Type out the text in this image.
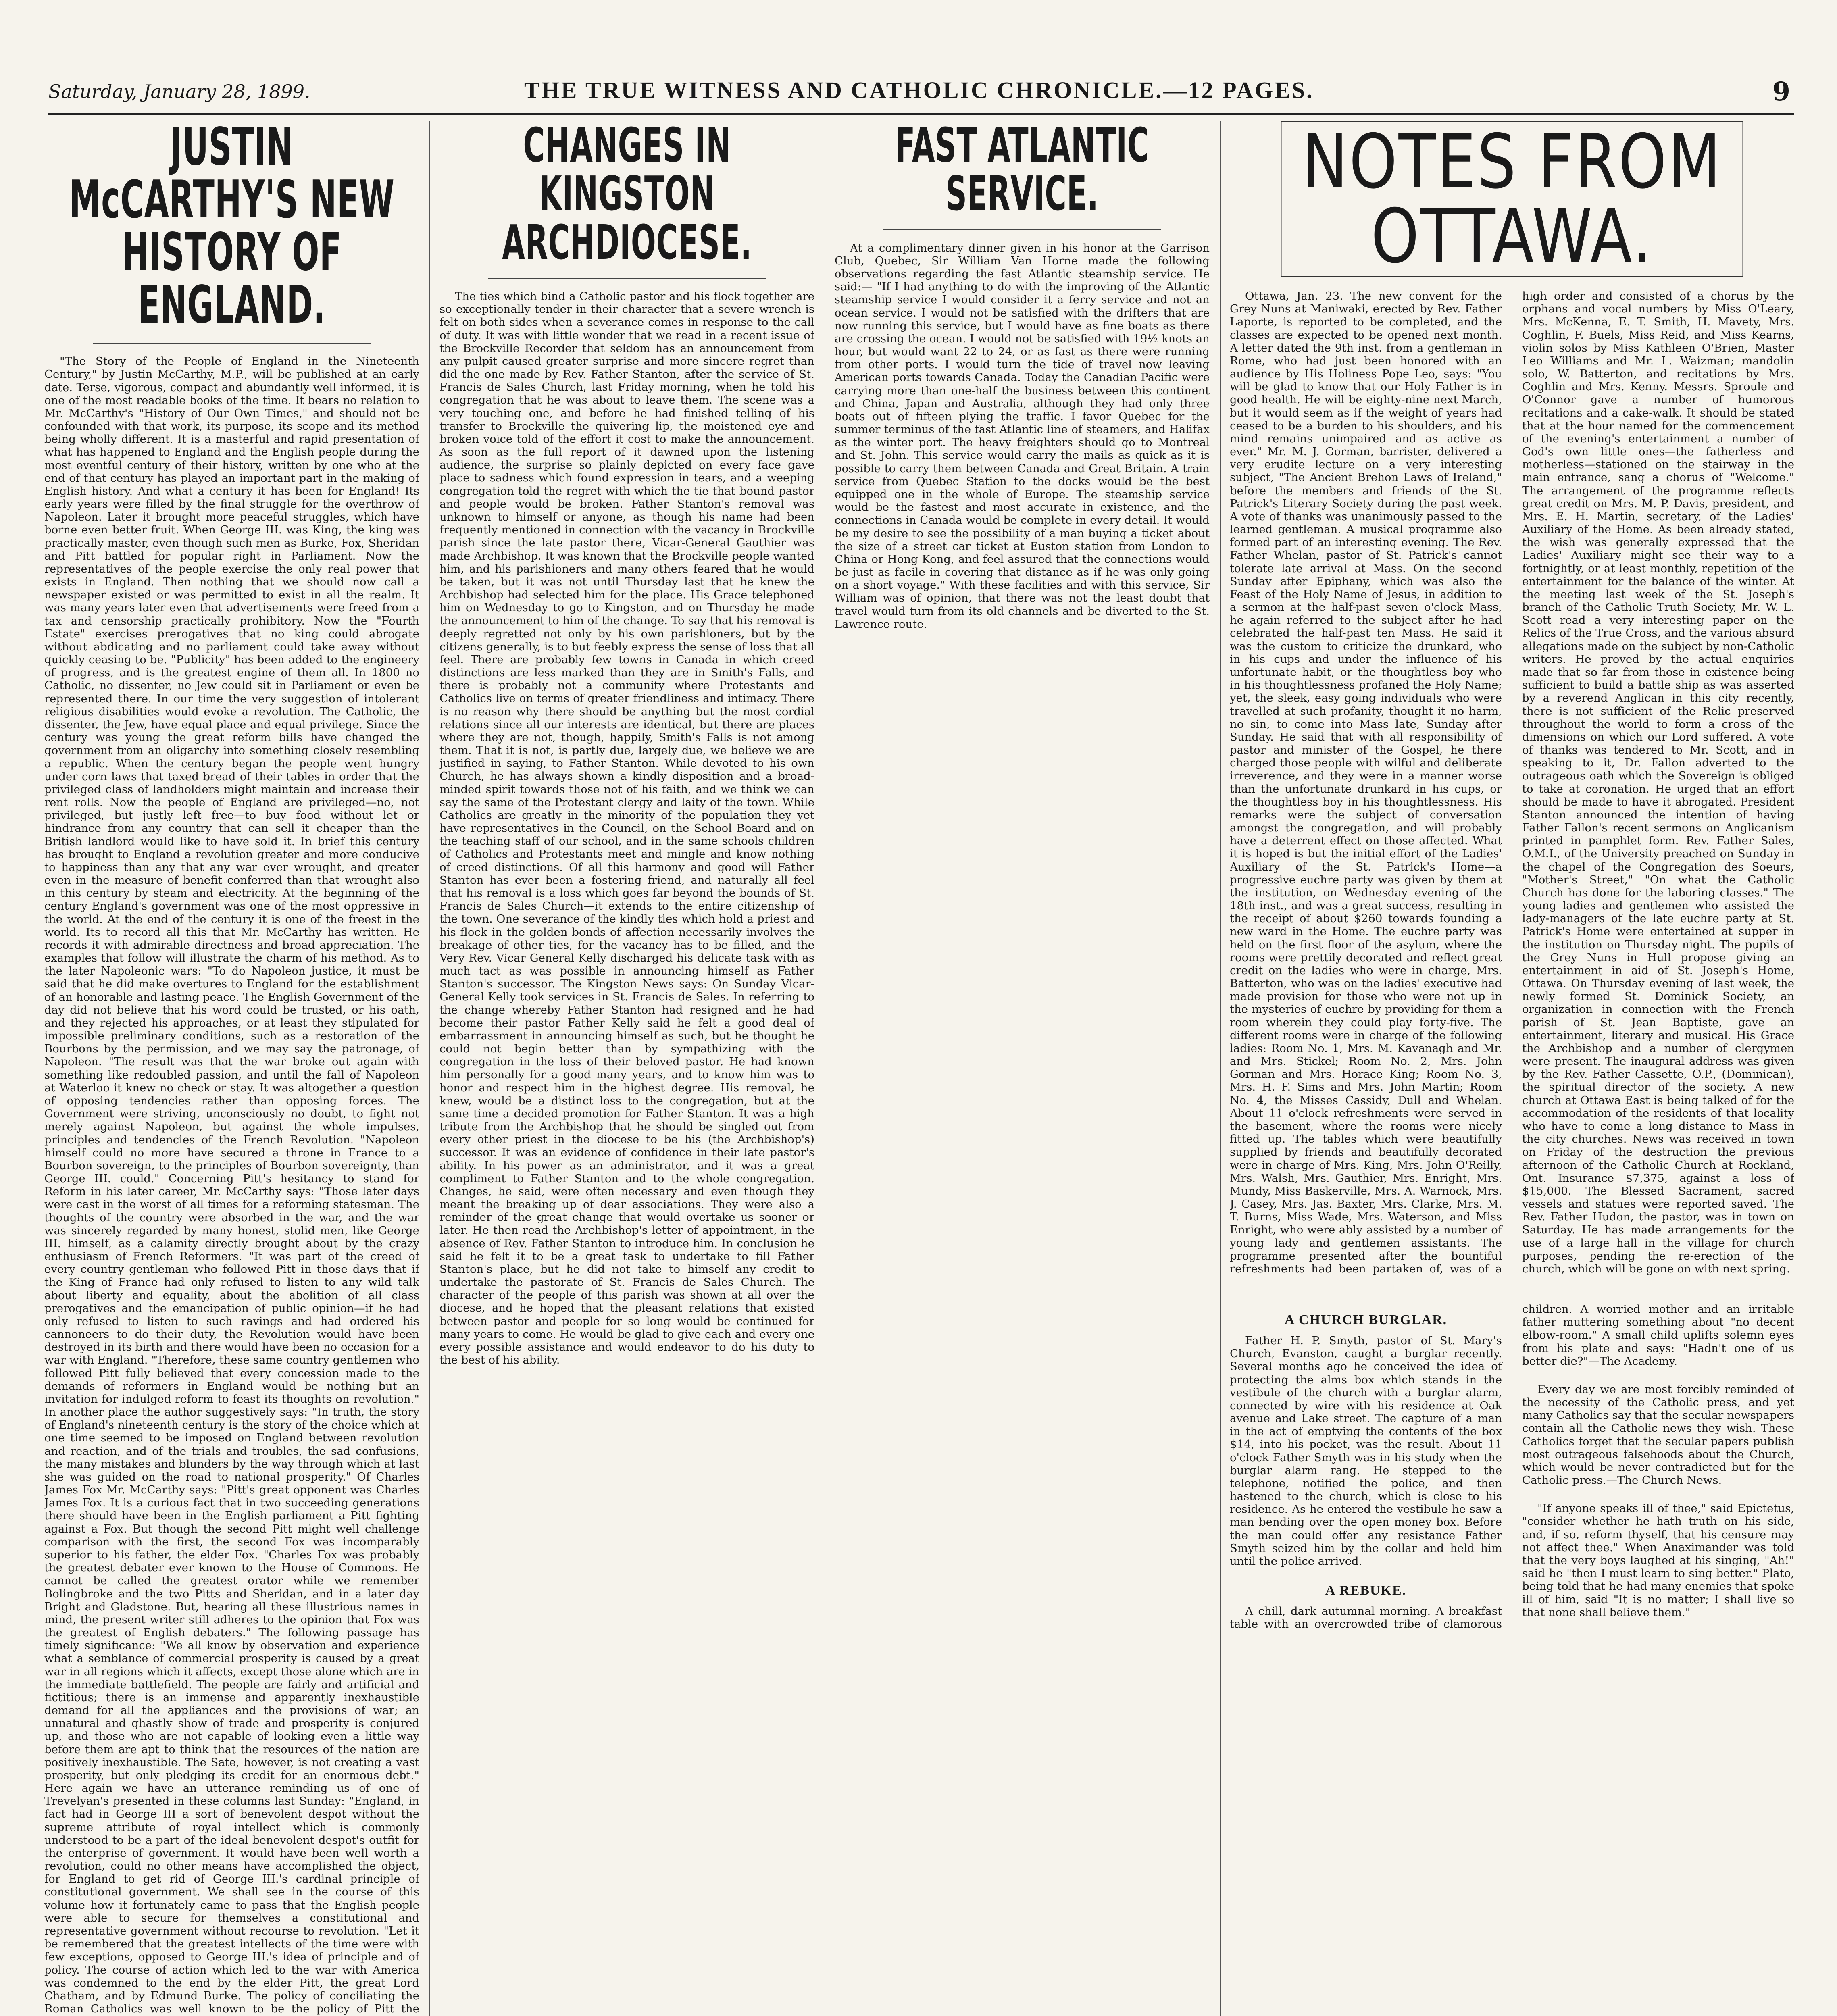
Saturday, January 28, 1899.	THE TRUE WITNESS AND CATHOLIC CHRONICLE.—12 PAGES.	9
JUSTIN McCARTHY'S NEW HISTORY OF ENGLAND.

"The Story of the People of England in the Nineteenth Century," by Justin McCarthy, M.P., will be published at an early date. Terse, vigorous, compact and abundantly well informed, it is one of the most readable books of the time. It bears no relation to Mr. McCarthy's "History of Our Own Times," and should not be confounded with that work, its purpose, its scope and its method being wholly different. It is a masterful and rapid presentation of what has happened to England and the English people during the most eventful century of their history, written by one who at the end of that century has played an important part in the making of English history. And what a century it has been for England! Its early years were filled by the final struggle for the overthrow of Napoleon. Later it brought more peaceful struggles, which have borne even better fruit. When George III. was King, the king was practically master, even though such men as Burke, Fox, Sheridan and Pitt battled for popular right in Parliament. Now the representatives of the people exercise the only real power that exists in England. Then nothing that we should now call a newspaper existed or was permitted to exist in all the realm. It was many years later even that advertisements were freed from a tax and censorship practically prohibitory. Now the "Fourth Estate" exercises prerogatives that no king could abrogate without abdicating and no parliament could take away without quickly ceasing to be. "Publicity" has been added to the engineery of progress, and is the greatest engine of them all. In 1800 no Catholic, no dissenter, no Jew could sit in Parliament or even be represented there. In our time the very suggestion of intolerant religious disabilities would evoke a revolution. The Catholic, the dissenter, the Jew, have equal place and equal privilege. Since the century was young the great reform bills have changed the government from an oligarchy into something closely resembling a republic. When the century began the people went hungry under corn laws that taxed bread of their tables in order that the privileged class of landholders might maintain and increase their rent rolls. Now the people of England are privileged—no, not privileged, but justly left free—to buy food without let or hindrance from any country that can sell it cheaper than the British landlord would like to have sold it. In brief this century has brought to England a revolution greater and more conducive to happiness than any that any war ever wrought, and greater even in the measure of benefit conferred than that wrought also in this century by steam and electricity. At the beginning of the century England's government was one of the most oppressive in the world. At the end of the century it is one of the freest in the world. Its to record all this that Mr. McCarthy has written. He records it with admirable directness and broad appreciation. The examples that follow will illustrate the charm of his method. As to the later Napoleonic wars: "To do Napoleon justice, it must be said that he did make overtures to England for the establishment of an honorable and lasting peace. The English Government of the day did not believe that his word could be trusted, or his oath, and they rejected his approaches, or at least they stipulated for impossible preliminary conditions, such as a restoration of the Bourbons by the permission, and we may say the patronage, of Napoleon. "The result was that the war broke out again with something like redoubled passion, and until the fall of Napoleon at Waterloo it knew no check or stay. It was altogether a question of opposing tendencies rather than opposing forces. The Government were striving, unconsciously no doubt, to fight not merely against Napoleon, but against the whole impulses, principles and tendencies of the French Revolution. "Napoleon himself could no more have secured a throne in France to a Bourbon sovereign, to the principles of Bourbon sovereignty, than George III. could." Concerning Pitt's hesitancy to stand for Reform in his later career, Mr. McCarthy says: "Those later days were cast in the worst of all times for a reforming statesman. The thoughts of the country were absorbed in the war, and the war was sincerely regarded by many honest, stolid men, like George III. himself, as a calamity directly brought about by the crazy enthusiasm of French Reformers. "It was part of the creed of every country gentleman who followed Pitt in those days that if the King of France had only refused to listen to any wild talk about liberty and equality, about the abolition of all class prerogatives and the emancipation of public opinion—if he had only refused to listen to such ravings and had ordered his cannoneers to do their duty, the Revolution would have been destroyed in its birth and there would have been no occasion for a war with England. "Therefore, these same country gentlemen who followed Pitt fully believed that every concession made to the demands of reformers in England would be nothing but an invitation for indulged reform to feast its thoughts on revolution." In another place the author suggestively says: "In truth, the story of England's nineteenth century is the story of the choice which at one time seemed to be imposed on England between revolution and reaction, and of the trials and troubles, the sad confusions, the many mistakes and blunders by the way through which at last she was guided on the road to national prosperity." Of Charles James Fox Mr. McCarthy says: "Pitt's great opponent was Charles James Fox. It is a curious fact that in two succeeding generations there should have been in the English parliament a Pitt fighting against a Fox. But though the second Pitt might well challenge comparison with the first, the second Fox was incomparably superior to his father, the elder Fox. "Charles Fox was probably the greatest debater ever known to the House of Commons. He cannot be called the greatest orator while we remember Bolingbroke and the two Pitts and Sheridan, and in a later day Bright and Gladstone. But, hearing all these illustrious names in mind, the present writer still adheres to the opinion that Fox was the greatest of English debaters." The following passage has timely significance: "We all know by observation and experience what a semblance of commercial prosperity is caused by a great war in all regions which it affects, except those alone which are in the immediate battlefield. The people are fairly and artificial and fictitious; there is an immense and apparently inexhaustible demand for all the appliances and the provisions of war; an unnatural and ghastly show of trade and prosperity is conjured up, and those who are not capable of looking even a little way before them are apt to think that the resources of the nation are positively inexhaustible. The Sate, however, is not creating a vast prosperity, but only pledging its credit for an enormous debt." Here again we have an utterance reminding us of one of Trevelyan's presented in these columns last Sunday: "England, in fact had in George III a sort of benevolent despot without the supreme attribute of royal intellect which is commonly understood to be a part of the ideal benevolent despot's outfit for the enterprise of government. It would have been well worth a revolution, could no other means have accomplished the object, for England to get rid of George III.'s cardinal principle of constitutional government. We shall see in the course of this volume how it fortunately came to pass that the English people were able to secure for themselves a constitutional and representative government without recourse to revolution. "Let it be remembered that the greatest intellects of the time were with few exceptions, opposed to George III.'s idea of principle and of policy. The course of action which led to the war with America was condemned to the end by the elder Pitt, the great Lord Chatham, and by Edmund Burke. The policy of conciliating the Roman Catholics was well known to be the policy of Pitt the

CHANGES IN KINGSTON ARCHDIOCESE.

The ties which bind a Catholic pastor and his flock together are so exceptionally tender in their character that a severe wrench is felt on both sides when a severance comes in response to the call of duty. It was with little wonder that we read in a recent issue of the Brockville Recorder that seldom has an announcement from any pulpit caused greater surprise and more sincere regret than did the one made by Rev. Father Stanton, after the service of St. Francis de Sales Church, last Friday morning, when he told his congregation that he was about to leave them. The scene was a very touching one, and before he had finished telling of his transfer to Brockville the quivering lip, the moistened eye and broken voice told of the effort it cost to make the announcement. As soon as the full report of it dawned upon the listening audience, the surprise so plainly depicted on every face gave place to sadness which found expression in tears, and a weeping congregation told the regret with which the tie that bound pastor and people would be broken. Father Stanton's removal was unknown to himself or anyone, as though his name had been frequently mentioned in connection with the vacancy in Brockville parish since the late pastor there, Vicar-General Gauthier was made Archbishop. It was known that the Brockville people wanted him, and his parishioners and many others feared that he would be taken, but it was not until Thursday last that he knew the Archbishop had selected him for the place. His Grace telephoned him on Wednesday to go to Kingston, and on Thursday he made the announcement to him of the change. To say that his removal is deeply regretted not only by his own parishioners, but by the citizens generally, is to but feebly express the sense of loss that all feel. There are probably few towns in Canada in which creed distinctions are less marked than they are in Smith's Falls, and there is probably not a community where Protestants and Catholics live on terms of greater friendliness and intimacy. There is no reason why there should be anything but the most cordial relations since all our interests are identical, but there are places where they are not, though, happily, Smith's Falls is not among them. That it is not, is partly due, largely due, we believe we are justified in saying, to Father Stanton. While devoted to his own Church, he has always shown a kindly disposition and a broad-minded spirit towards those not of his faith, and we think we can say the same of the Protestant clergy and laity of the town. While Catholics are greatly in the minority of the population they yet have representatives in the Council, on the School Board and on the teaching staff of our school, and in the same schools children of Catholics and Protestants meet and mingle and know nothing of creed distinctions. Of all this harmony and good will Father Stanton has ever been a fostering friend, and naturally all feel that his removal is a loss which goes far beyond the bounds of St. Francis de Sales Church—it extends to the entire citizenship of the town. One severance of the kindly ties which hold a priest and his flock in the golden bonds of affection necessarily involves the breakage of other ties, for the vacancy has to be filled, and the Very Rev. Vicar General Kelly discharged his delicate task with as much tact as was possible in announcing himself as Father Stanton's successor. The Kingston News says: On Sunday Vicar-General Kelly took services in St. Francis de Sales. In referring to the change whereby Father Stanton had resigned and he had become their pastor Father Kelly said he felt a good deal of embarrassment in announcing himself as such, but he thought he could not begin better than by sympathizing with the congregation in the loss of their beloved pastor. He had known him personally for a good many years, and to know him was to honor and respect him in the highest degree. His removal, he knew, would be a distinct loss to the congregation, but at the same time a decided promotion for Father Stanton. It was a high tribute from the Archbishop that he should be singled out from every other priest in the diocese to be his (the Archbishop's) successor. It was an evidence of confidence in their late pastor's ability. In his power as an administrator, and it was a great compliment to Father Stanton and to the whole congregation. Changes, he said, were often necessary and even though they meant the breaking up of dear associations. They were also a reminder of the great change that would overtake us sooner or later. He then read the Archbishop's letter of appointment, in the absence of Rev. Father Stanton to introduce him. In conclusion he said he felt it to be a great task to undertake to fill Father Stanton's place, but he did not take to himself any credit to undertake the pastorate of St. Francis de Sales Church. The character of the people of this parish was shown at all over the diocese, and he hoped that the pleasant relations that existed between pastor and people for so long would be continued for many years to come. He would be glad to give each and every one every possible assistance and would endeavor to do his duty to the best of his ability.

FAST ATLANTIC SERVICE.

At a complimentary dinner given in his honor at the Garrison Club, Quebec, Sir William Van Horne made the following observations regarding the fast Atlantic steamship service. He said:— "If I had anything to do with the improving of the Atlantic steamship service I would consider it a ferry service and not an ocean service. I would not be satisfied with the drifters that are now running this service, but I would have as fine boats as there are crossing the ocean. I would not be satisfied with 19½ knots an hour, but would want 22 to 24, or as fast as there were running from other ports. I would turn the tide of travel now leaving American ports towards Canada. Today the Canadian Pacific were carrying more than one-half the business between this continent and China, Japan and Australia, although they had only three boats out of fifteen plying the traffic. I favor Quebec for the summer terminus of the fast Atlantic line of steamers, and Halifax as the winter port. The heavy freighters should go to Montreal and St. John. This service would carry the mails as quick as it is possible to carry them between Canada and Great Britain. A train service from Quebec Station to the docks would be the best equipped one in the whole of Europe. The steamship service would be the fastest and most accurate in existence, and the connections in Canada would be complete in every detail. It would be my desire to see the possibility of a man buying a ticket about the size of a street car ticket at Euston station from London to China or Hong Kong, and feel assured that the connections would be just as facile in covering that distance as if he was only going on a short voyage." With these facilities and with this service, Sir William was of opinion, that there was not the least doubt that travel would turn from its old channels and be diverted to the St. Lawrence route.

NOTES FROM OTTAWA.

Ottawa, Jan. 23. The new convent for the Grey Nuns at Maniwaki, erected by Rev. Father Laporte, is reported to be completed, and the classes are expected to be opened next month. A letter dated the 9th inst. from a gentleman in Rome, who had just been honored with an audience by His Holiness Pope Leo, says: "You will be glad to know that our Holy Father is in good health. He will be eighty-nine next March, but it would seem as if the weight of years had ceased to be a burden to his shoulders, and his mind remains unimpaired and as active as ever." Mr. M. J. Gorman, barrister, delivered a very erudite lecture on a very interesting subject, "The Ancient Brehon Laws of Ireland," before the members and friends of the St. Patrick's Literary Society during the past week. A vote of thanks was unanimously passed to the learned gentleman. A musical programme also formed part of an interesting evening. The Rev. Father Whelan, pastor of St. Patrick's cannot tolerate late arrival at Mass. On the second Sunday after Epiphany, which was also the Feast of the Holy Name of Jesus, in addition to a sermon at the half-past seven o'clock Mass, he again referred to the subject after he had celebrated the half-past ten Mass. He said it was the custom to criticize the drunkard, who in his cups and under the influence of his unfortunate habit, or the thoughtless boy who in his thoughtlessness profaned the Holy Name; yet, the sleek, easy going individuals who were travelled at such profanity, thought it no harm, no sin, to come into Mass late, Sunday after Sunday. He said that with all responsibility of pastor and minister of the Gospel, he there charged those people with wilful and deliberate irreverence, and they were in a manner worse than the unfortunate drunkard in his cups, or the thoughtless boy in his thoughtlessness. His remarks were the subject of conversation amongst the congregation, and will probably have a deterrent effect on those affected. What it is hoped is but the initial effort of the Ladies' Auxiliary of the St. Patrick's Home—a progressive euchre party was given by them at the institution, on Wednesday evening of the 18th inst., and was a great success, resulting in the receipt of about $260 towards founding a new ward in the Home. The euchre party was held on the first floor of the asylum, where the rooms were prettily decorated and reflect great credit on the ladies who were in charge, Mrs. Batterton, who was on the ladies' executive had made provision for those who were not up in the mysteries of euchre by providing for them a room wherein they could play forty-five. The different rooms were in charge of the following ladies: Room No. 1, Mrs. M. Kavanagh and Mr. and Mrs. Stickel; Room No. 2, Mrs. John Gorman and Mrs. Horace King; Room No. 3, Mrs. H. F. Sims and Mrs. John Martin; Room No. 4, the Misses Cassidy, Dull and Whelan. About 11 o'clock refreshments were served in the basement, where the rooms were nicely fitted up. The tables which were beautifully supplied by friends and beautifully decorated were in charge of Mrs. King, Mrs. John O'Reilly, Mrs. Walsh, Mrs. Gauthier, Mrs. Enright, Mrs. Mundy, Miss Baskerville, Mrs. A. Warnock, Mrs. J. Casey, Mrs. Jas. Baxter, Mrs. Clarke, Mrs. M. T. Burns, Miss Wade, Mrs. Waterson, and Miss Enright, who were ably assisted by a number of young lady and gentlemen assistants. The programme presented after the bountiful refreshments had been partaken of, was of a high order and consisted of a chorus by the orphans and vocal numbers by Miss O'Leary, Mrs. McKenna, E. T. Smith, H. Mavety, Mrs. Coghlin, F. Buels, Miss Reid, and Miss Kearns, violin solos by Miss Kathleen O'Brien, Master Leo Williams and Mr. L. Waizman; mandolin solo, W. Batterton, and recitations by Mrs. Coghlin and Mrs. Kenny. Messrs. Sproule and O'Connor gave a number of humorous recitations and a cake-walk. It should be stated that at the hour named for the commencement of the evening's entertainment a number of God's own little ones—the fatherless and motherless—stationed on the stairway in the main entrance, sang a chorus of "Welcome." The arrangement of the programme reflects great credit on Mrs. M. P. Davis, president, and Mrs. E. H. Martin, secretary, of the Ladies' Auxiliary of the Home. As been already stated, the wish was generally expressed that the Ladies' Auxiliary might see their way to a fortnightly, or at least monthly, repetition of the entertainment for the balance of the winter. At the meeting last week of the St. Joseph's branch of the Catholic Truth Society, Mr. W. L. Scott read a very interesting paper on the Relics of the True Cross, and the various absurd allegations made on the subject by non-Catholic writers. He proved by the actual enquiries made that so far from those in existence being sufficient to build a battle ship as was asserted by a reverend Anglican in this city recently, there is not sufficient of the Relic preserved throughout the world to form a cross of the dimensions on which our Lord suffered. A vote of thanks was tendered to Mr. Scott, and in speaking to it, Dr. Fallon adverted to the outrageous oath which the Sovereign is obliged to take at coronation. He urged that an effort should be made to have it abrogated. President Stanton announced the intention of having Father Fallon's recent sermons on Anglicanism printed in pamphlet form. Rev. Father Sales, O.M.I., of the University preached on Sunday in the chapel of the Congregation des Soeurs, "Mother's Street," "On what the Catholic Church has done for the laboring classes." The young ladies and gentlemen who assisted the lady-managers of the late euchre party at St. Patrick's Home were entertained at supper in the institution on Thursday night. The pupils of the Grey Nuns in Hull propose giving an entertainment in aid of St. Joseph's Home, Ottawa. On Thursday evening of last week, the newly formed St. Dominick Society, an organization in connection with the French parish of St. Jean Baptiste, gave an entertainment, literary and musical. His Grace the Archbishop and a number of clergymen were present. The inaugural address was given by the Rev. Father Cassette, O.P., (Dominican), the spiritual director of the society. A new church at Ottawa East is being talked of for the accommodation of the residents of that locality who have to come a long distance to Mass in the city churches. News was received in town on Friday of the destruction the previous afternoon of the Catholic Church at Rockland, Ont. Insurance $7,375, against a loss of $15,000. The Blessed Sacrament, sacred vessels and statues were reported saved. The Rev. Father Hudon, the pastor, was in town on Saturday. He has made arrangements for the use of a large hall in the village for church purposes, pending the re-erection of the church, which will be gone on with next spring.

A CHURCH BURGLAR.

Father H. P. Smyth, pastor of St. Mary's Church, Evanston, caught a burglar recently. Several months ago he conceived the idea of protecting the alms box which stands in the vestibule of the church with a burglar alarm, connected by wire with his residence at Oak avenue and Lake street. The capture of a man in the act of emptying the contents of the box $14, into his pocket, was the result. About 11 o'clock Father Smyth was in his study when the burglar alarm rang. He stepped to the telephone, notified the police, and then hastened to the church, which is close to his residence. As he entered the vestibule he saw a man bending over the open money box. Before the man could offer any resistance Father Smyth seized him by the collar and held him until the police arrived.

A REBUKE.

A chill, dark autumnal morning. A breakfast table with an overcrowded tribe of clamorous children. A worried mother and an irritable father muttering something about "no decent elbow-room." A small child uplifts solemn eyes from his plate and says: "Hadn't one of us better die?"—The Academy.

Every day we are most forcibly reminded of the necessity of the Catholic press, and yet many Catholics say that the secular newspapers contain all the Catholic news they wish. These Catholics forget that the secular papers publish most outrageous falsehoods about the Church, which would be never contradicted but for the Catholic press.—The Church News.

"If anyone speaks ill of thee," said Epictetus, "consider whether he hath truth on his side, and, if so, reform thyself, that his censure may not affect thee." When Anaximander was told that the very boys laughed at his singing, "Ah!" said he "then I must learn to sing better." Plato, being told that he had many enemies that spoke ill of him, said "It is no matter; I shall live so that none shall believe them."
